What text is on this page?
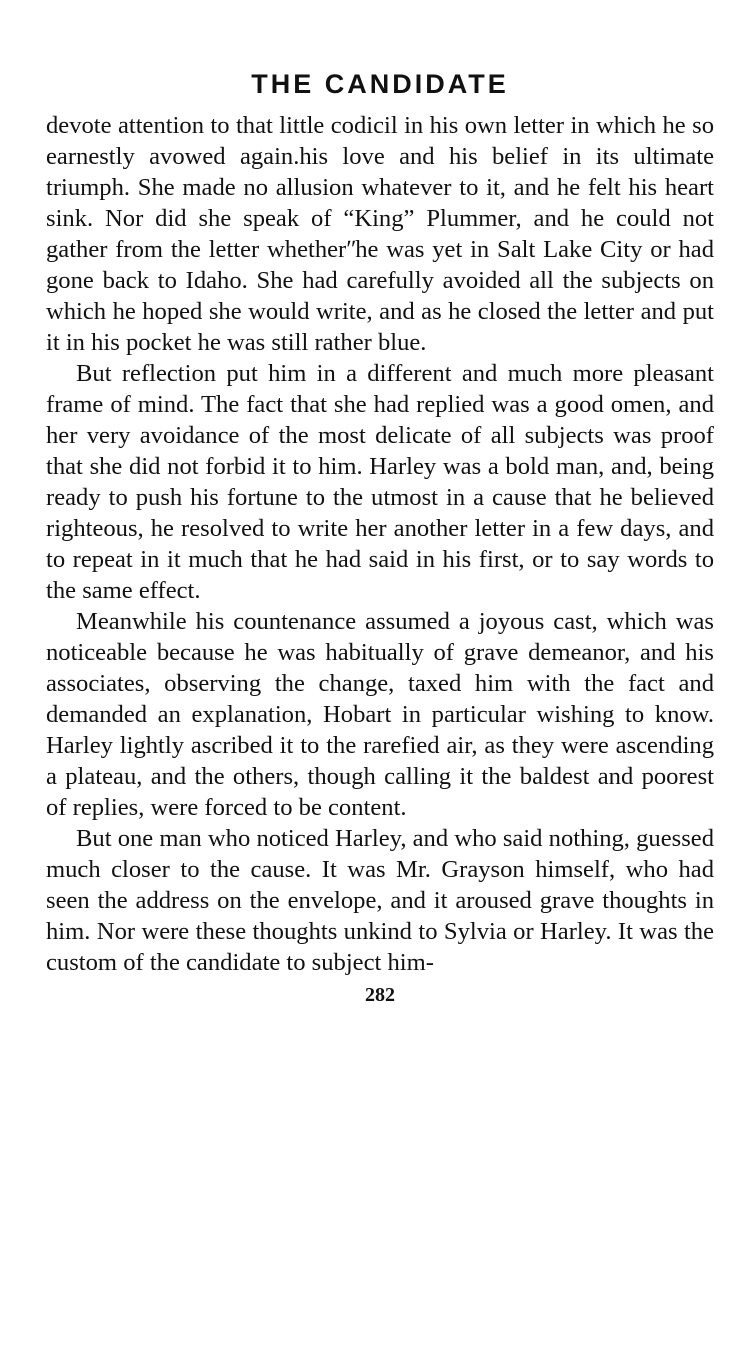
THE CANDIDATE

devote attention to that little codicil in his own letter in which he so earnestly avowed again.his love and his belief in its ultimate triumph. She made no allusion whatever to it, and he felt his heart sink. Nor did she speak of “King” Plummer, and he could not gather from the letter whetherʺhe was yet in Salt Lake City or had gone back to Idaho. She had carefully avoided all the subjects on which he hoped she would write, and as he closed the letter and put it in his pocket he was still rather blue.

But reflection put him in a different and much more pleasant frame of mind. The fact that she had replied was a good omen, and her very avoidance of the most delicate of all subjects was proof that she did not forbid it to him. Harley was a bold man, and, being ready to push his fortune to the utmost in a cause that he believed righteous, he resolved to write her another letter in a few days, and to repeat in it much that he had said in his first, or to say words to the same effect.

Meanwhile his countenance assumed a joyous cast, which was noticeable because he was habitually of grave demeanor, and his associates, observing the change, taxed him with the fact and demanded an explanation, Hobart in particular wishing to know. Harley lightly ascribed it to the rarefied air, as they were ascending a plateau, and the others, though calling it the baldest and poorest of replies, were forced to be content.

But one man who noticed Harley, and who said nothing, guessed much closer to the cause. It was Mr. Grayson himself, who had seen the address on the envelope, and it aroused grave thoughts in him. Nor were these thoughts unkind to Sylvia or Harley. It was the custom of the candidate to subject him-

282
